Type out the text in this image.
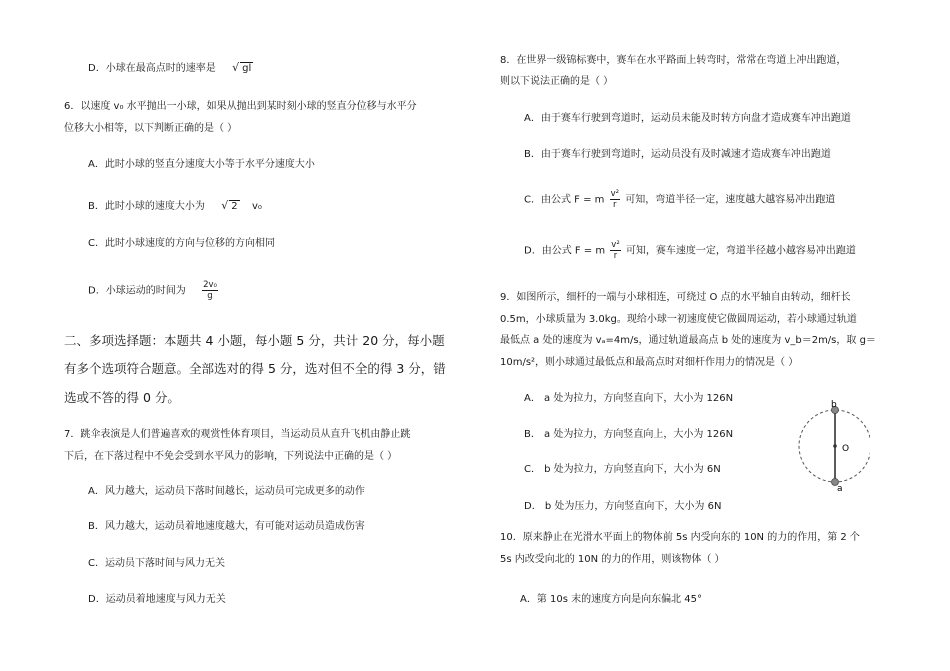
D．小球在最高点时的速率是 √ gl
6．以速度 v₀ 水平抛出一小球，如果从抛出到某时刻小球的竖直分位移与水平分
位移大小相等，以下判断正确的是（ ）
A．此时小球的竖直分速度大小等于水平分速度大小
B．此时小球的速度大小为 √ 2 v₀
C．此时小球速度的方向与位移的方向相同
D．小球运动的时间为 $\frac{\text{2v₀}}{g}$
二、多项选择题：本题共 4 小题，每小题 5 分，共计 20 分，每小题
有多个选项符合题意。全部选对的得 5 分，选对但不全的得 3 分，错
选或不答的得 0 分。
7．跳伞表演是人们普遍喜欢的观赏性体育项目，当运动员从直升飞机由静止跳
下后，在下落过程中不免会受到水平风力的影响，下列说法中正确的是（ ）
A．风力越大，运动员下落时间越长，运动员可完成更多的动作
B．风力越大，运动员着地速度越大，有可能对运动员造成伤害
C．运动员下落时间与风力无关
D．运动员着地速度与风力无关
8．在世界一级锦标赛中，赛车在水平路面上转弯时，常常在弯道上冲出跑道，
则以下说法正确的是（ ）
A．由于赛车行驶到弯道时，运动员未能及时转方向盘才造成赛车冲出跑道
B．由于赛车行驶到弯道时，运动员没有及时减速才造成赛车冲出跑道
C．由公式 F = m $\frac{\text{v²}}{r}$ 可知，弯道半径一定，速度越大越容易冲出跑道
D．由公式 F = m $\frac{\text{v²}}{r}$ 可知，赛车速度一定，弯道半径越小越容易冲出跑道
9．如图所示，细杆的一端与小球相连，可绕过 O 点的水平轴自由转动，细杆长
0.5m，小球质量为 3.0kg。现给小球一初速度使它做圆周运动，若小球通过轨道
最低点 a 处的速度为 vₐ=4m/s，通过轨道最高点 b 处的速度为 v_b＝2m/s，取 g＝
10m/s²，则小球通过最低点和最高点时对细杆作用力的情况是（ ）
A． a 处为拉力，方向竖直向下，大小为 126N
B． a 处为拉力，方向竖直向上，大小为 126N
C． b 处为拉力，方向竖直向下，大小为 6N
D． b 处为压力，方向竖直向下，大小为 6N
b
O
a
10．原来静止在光滑水平面上的物体前 5s 内受向东的 10N 的力的作用，第 2 个
5s 内改受向北的 10N 的力的作用，则该物体（ ）
A．第 10s 末的速度方向是向东偏北 45°
